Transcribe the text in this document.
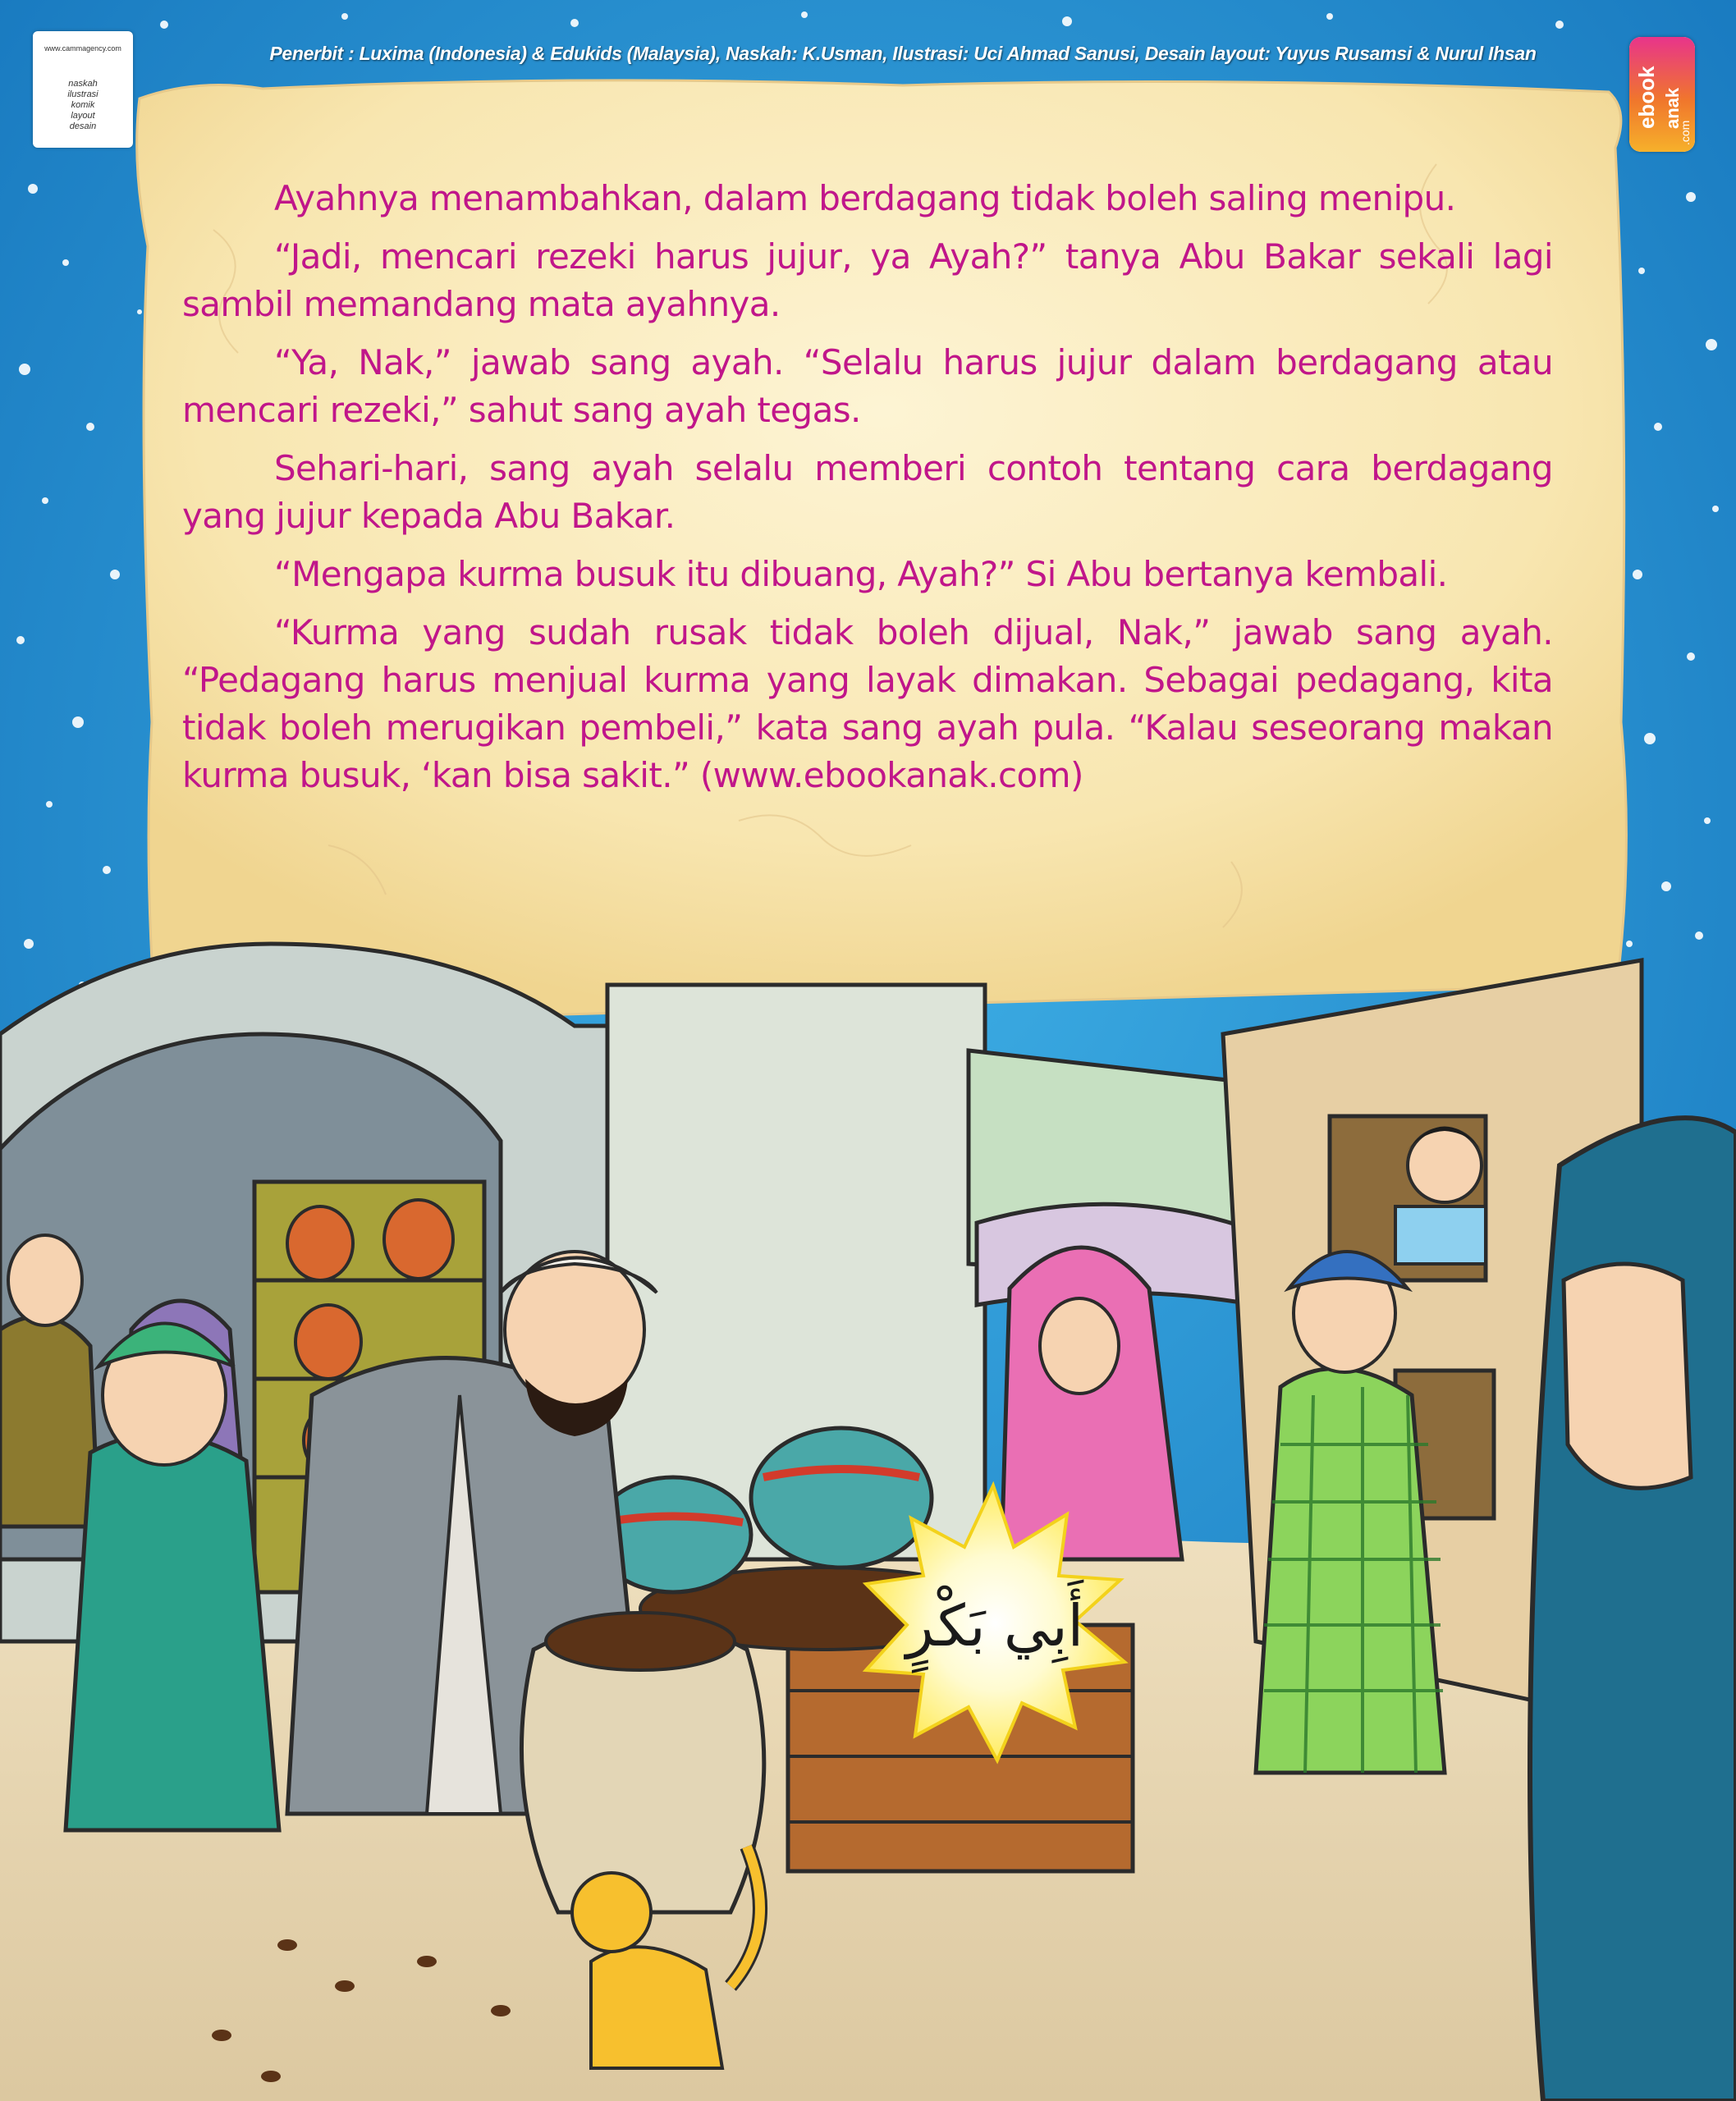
أَبِي بَكْرٍ
www.cammagency.com
naskah
ilustrasi
komik
layout
desain
Penerbit : Luxima (Indonesia) & Edukids (Malaysia), Naskah: K.Usman, Ilustrasi: Uci Ahmad Sanusi, Desain layout: Yuyus Rusamsi & Nurul Ihsan
ebook anak
.com

Ayahnya menambahkan, dalam berdagang tidak boleh saling menipu.

“Jadi, mencari rezeki harus jujur, ya Ayah?” tanya Abu Bakar sekali lagi sambil memandang mata ayahnya.

“Ya, Nak,” jawab sang ayah. “Selalu harus jujur dalam berdagang atau mencari rezeki,” sahut sang ayah tegas.

Sehari-hari, sang ayah selalu memberi contoh tentang cara berdagang yang jujur kepada Abu Bakar.

“Mengapa kurma busuk itu dibuang, Ayah?” Si Abu bertanya kembali.

“Kurma yang sudah rusak tidak boleh dijual, Nak,” jawab sang ayah. “Pedagang harus menjual kurma yang layak dimakan. Sebagai pedagang, kita tidak boleh merugikan pembeli,” kata sang ayah pula. “Kalau seseorang makan kurma busuk, ‘kan bisa sakit.” (www.ebookanak.com)
